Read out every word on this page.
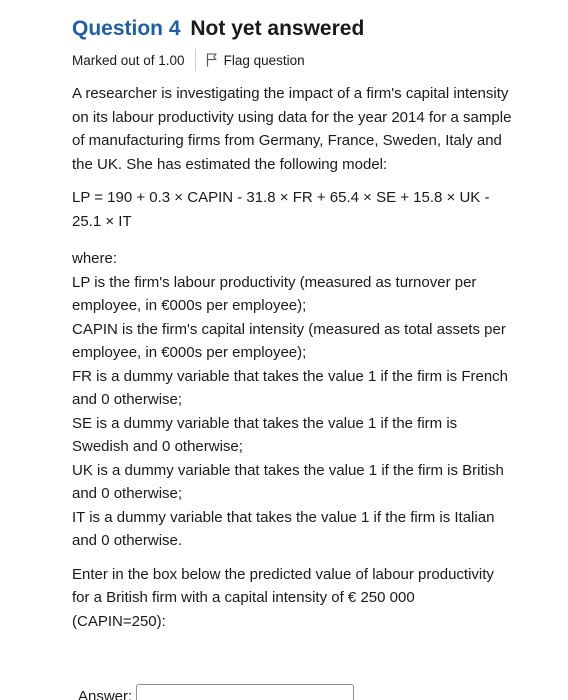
Question 4 Not yet answered
Marked out of 1.00	Flag question

A researcher is investigating the impact of a firm's capital intensity on its labour productivity using data for the year 2014 for a sample of manufacturing firms from Germany, France, Sweden, Italy and the UK. She has estimated the following model:

LP = 190 + 0.3 × CAPIN - 31.8 × FR + 65.4 × SE + 15.8 × UK - 25.1 × IT

where:

LP is the firm's labour productivity (measured as turnover per employee, in €000s per employee);

CAPIN is the firm's capital intensity (measured as total assets per employee, in €000s per employee);

FR is a dummy variable that takes the value 1 if the firm is French and 0 otherwise;

SE is a dummy variable that takes the value 1 if the firm is Swedish and 0 otherwise;

UK is a dummy variable that takes the value 1 if the firm is British and 0 otherwise;

IT is a dummy variable that takes the value 1 if the firm is Italian and 0 otherwise.

Enter in the box below the predicted value of labour productivity for a British firm with a capital intensity of € 250 000 (CAPIN=250):

Answer:
